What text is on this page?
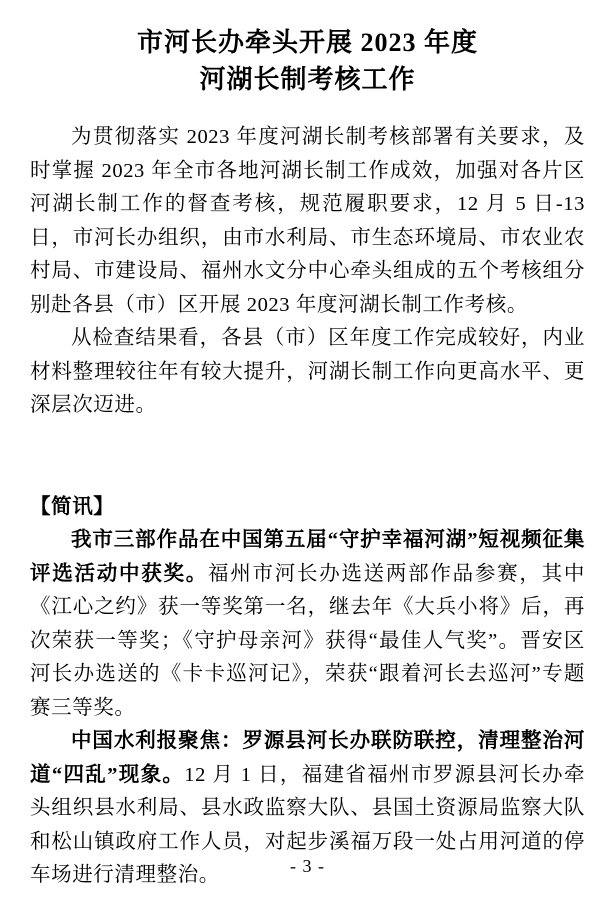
市河长办牵头开展 2023 年度
河湖长制考核工作

为贯彻落实 2023 年度河湖长制考核部署有关要求，及时掌握 2023 年全市各地河湖长制工作成效，加强对各片区河湖长制工作的督查考核，规范履职要求，12 月 5 日-13 日，市河长办组织，由市水利局、市生态环境局、市农业农村局、市建设局、福州水文分中心牵头组成的五个考核组分别赴各县（市）区开展 2023 年度河湖长制工作考核。

从检查结果看，各县（市）区年度工作完成较好，内业材料整理较往年有较大提升，河湖长制工作向更高水平、更深层次迈进。

【简讯】

我市三部作品在中国第五届“守护幸福河湖”短视频征集评选活动中获奖。福州市河长办选送两部作品参赛，其中《江心之约》获一等奖第一名，继去年《大兵小将》后，再次荣获一等奖；《守护母亲河》获得“最佳人气奖”。晋安区河长办选送的《卡卡巡河记》，荣获“跟着河长去巡河”专题赛三等奖。

中国水利报聚焦：罗源县河长办联防联控，清理整治河道“四乱”现象。12 月 1 日，福建省福州市罗源县河长办牵头组织县水利局、县水政监察大队、县国土资源局监察大队和松山镇政府工作人员，对起步溪福万段一处占用河道的停车场进行清理整治。	- 3 -
